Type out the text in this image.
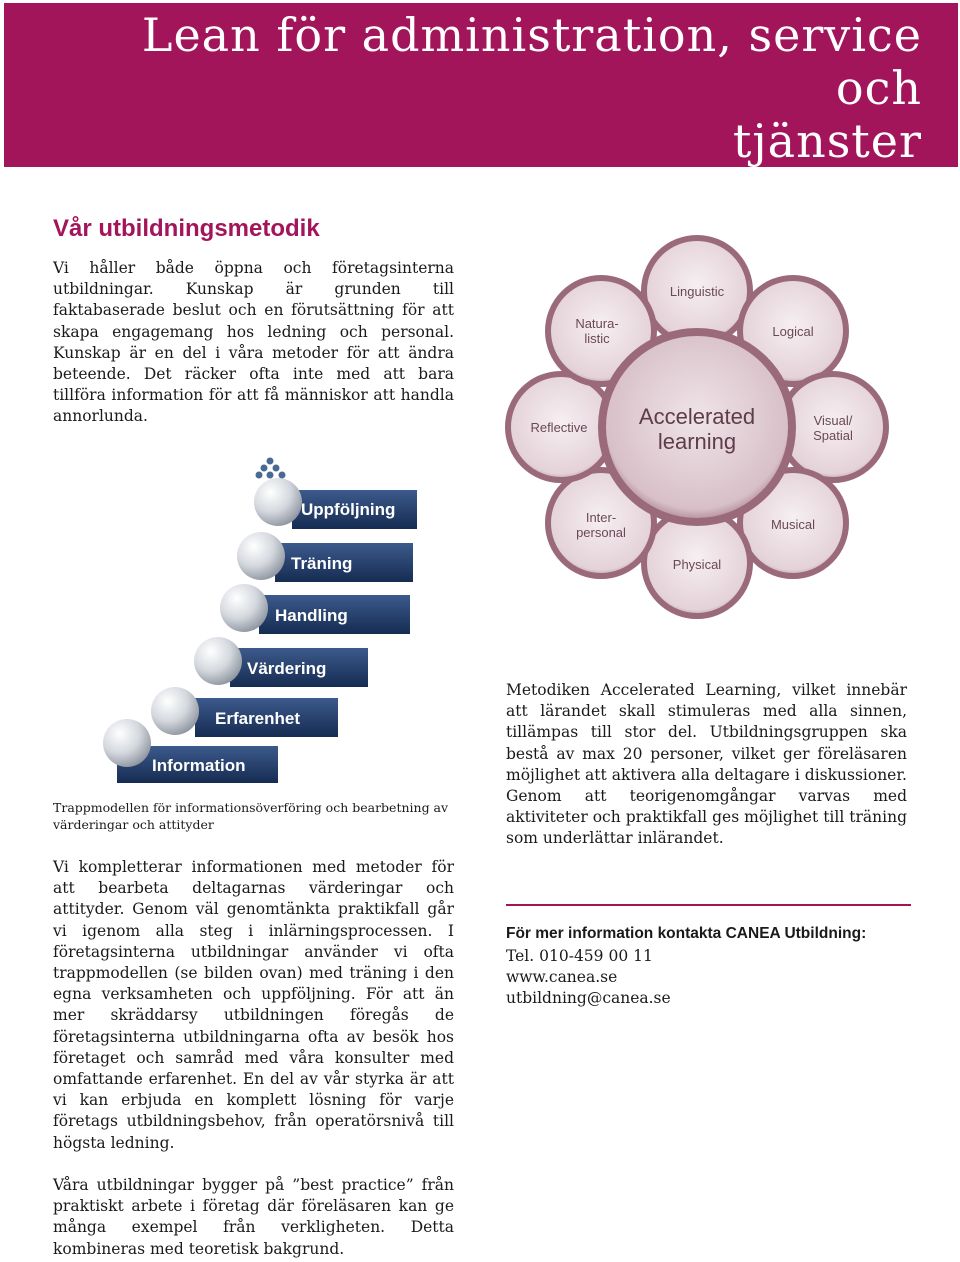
Lean för administration, service och
tjänster
Vår utbildningsmetodik

Vi håller både öppna och företagsinterna utbildningar. Kunskap är grunden till faktabaserade beslut och en förutsättning för att skapa engagemang hos ledning och personal. Kunskap är en del i våra metoder för att ändra beteende. Det räcker ofta inte med att bara tillföra information för att få människor att handla annorlunda.

Uppföljning
Träning
Handling
Värdering
Erfarenhet
Information

Trappmodellen för informationsöverföring och bearbetning av värderingar och attityder

Linguistic
Logical
Visual/
Spatial
Musical
Physical
Inter-
personal
Reflective
Natura-
listic
Accelerated
learning

Vi kompletterar informationen med metoder för att bearbeta deltagarnas värderingar och attityder. Genom väl genomtänkta praktikfall går vi igenom alla steg i inlärningsprocessen. I företagsinterna utbildningar använder vi ofta trappmodellen (se bilden ovan) med träning i den egna verksamheten och uppföljning. För att än mer skräddarsy utbildningen föregås de företagsinterna utbildningarna ofta av besök hos företaget och samråd med våra konsulter med omfattande erfarenhet. En del av vår styrka är att vi kan erbjuda en komplett lösning för varje företags utbildningsbehov, från operatörsnivå till högsta ledning.

Våra utbildningar bygger på ”best practice” från praktiskt arbete i företag där föreläsaren kan ge många exempel från verkligheten. Detta kombineras med teoretisk bakgrund.

Metodiken Accelerated Learning, vilket innebär att lärandet skall stimuleras med alla sinnen, tillämpas till stor del. Utbildningsgruppen ska bestå av max 20 personer, vilket ger föreläsaren möjlighet att aktivera alla deltagare i diskussioner. Genom att teorigenomgångar varvas med aktiviteter och praktikfall ges möjlighet till träning som underlättar inlärandet.

För mer information kontakta CANEA Utbildning:
Tel. 010-459 00 11
www.canea.se
utbildning@canea.se
